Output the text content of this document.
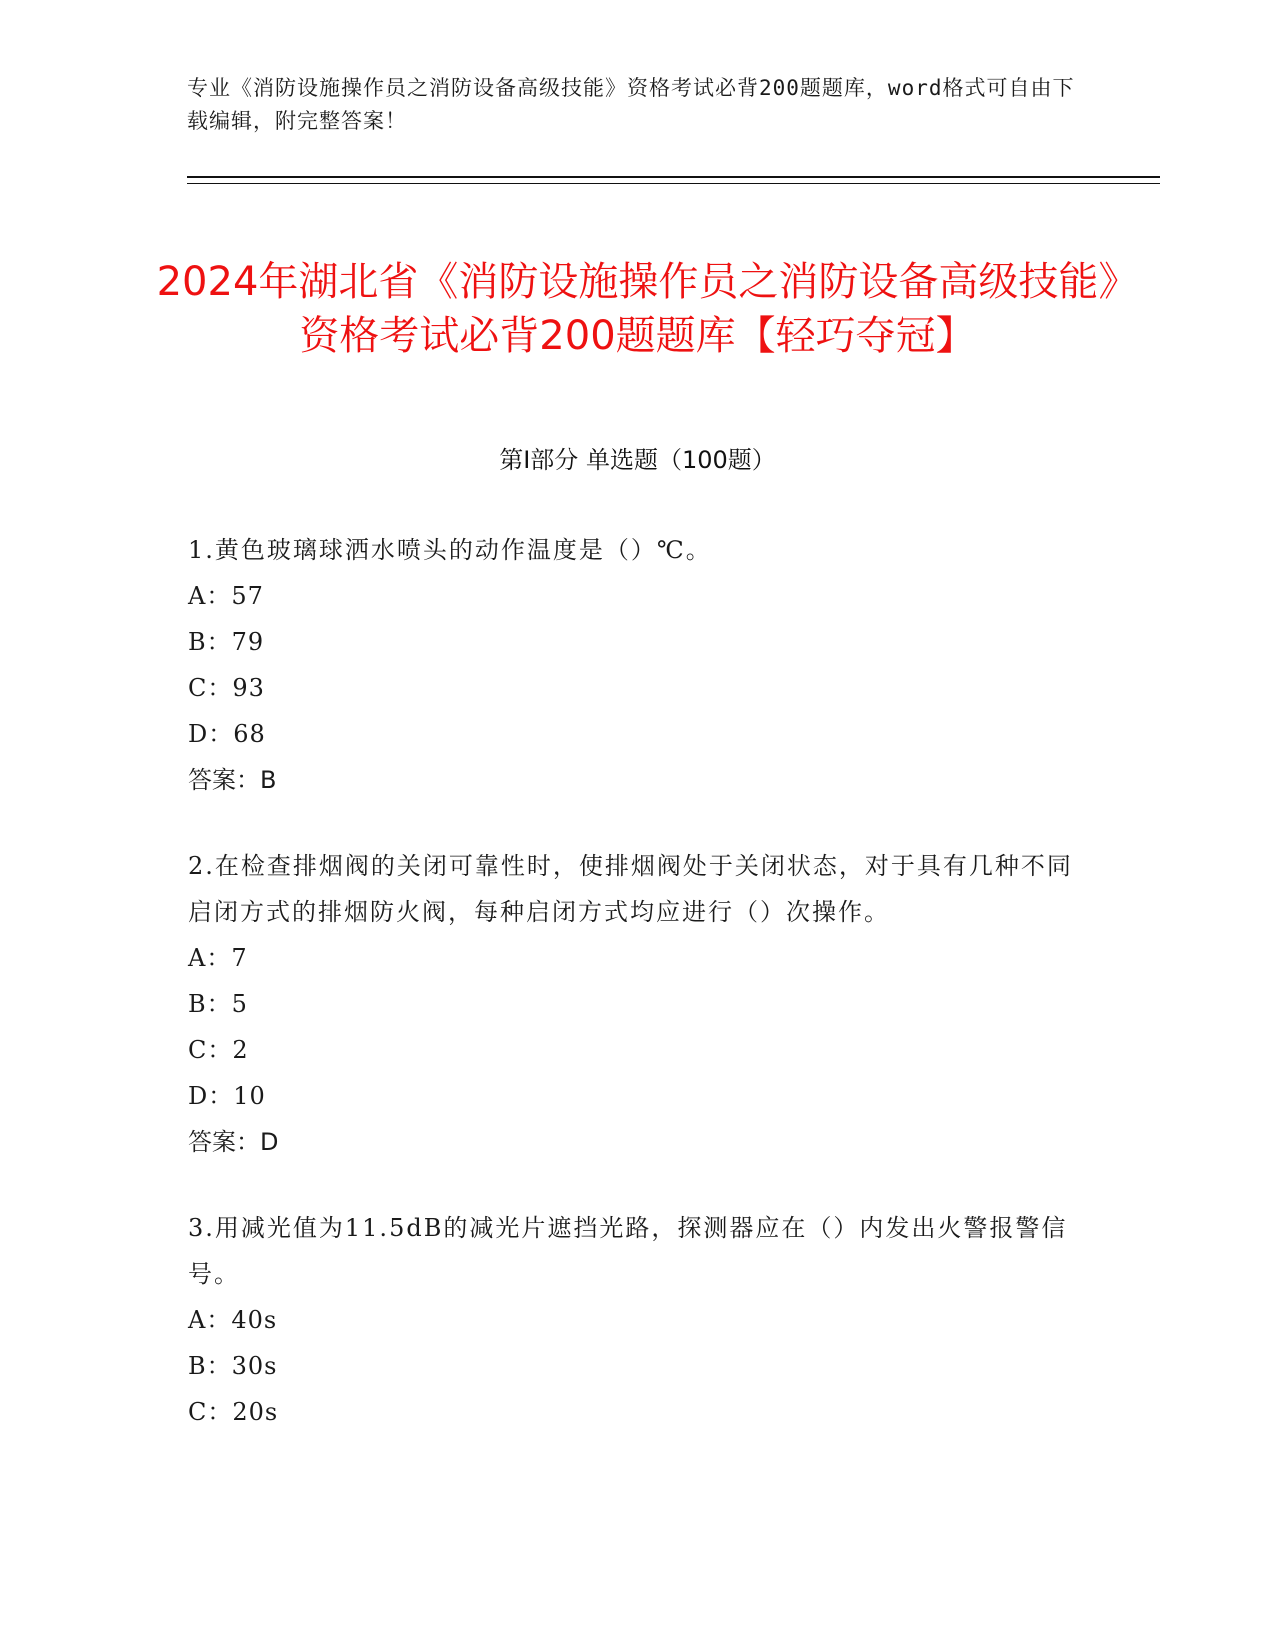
专业《消防设施操作员之消防设备高级技能》资格考试必背200题题库，word格式可自由下载编辑，附完整答案！
2024年湖北省《消防设施操作员之消防设备高级技能》资格考试必背200题题库【轻巧夺冠】
第I部分 单选题（100题）

1.黄色玻璃球洒水喷头的动作温度是（）℃。

A：57

B：79

C：93

D：68

答案：B

2.在检查排烟阀的关闭可靠性时，使排烟阀处于关闭状态，对于具有几种不同启闭方式的排烟防火阀，每种启闭方式均应进行（）次操作。

A：7

B：5

C：2

D：10

答案：D

3.用减光值为11.5dB的减光片遮挡光路，探测器应在（）内发出火警报警信号。

A：40s

B：30s

C：20s
